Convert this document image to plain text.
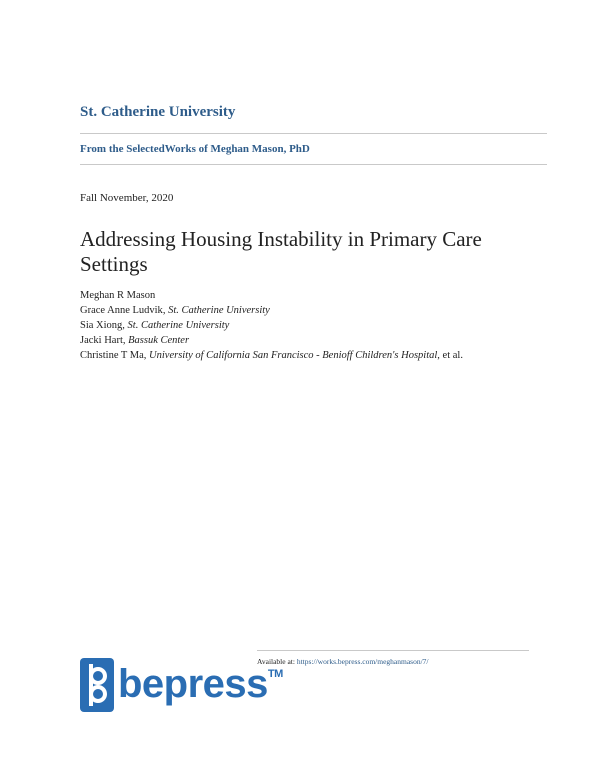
St. Catherine University
From the SelectedWorks of Meghan Mason, PhD
Fall November, 2020
Addressing Housing Instability in Primary Care Settings
Meghan R Mason
Grace Anne Ludvik, St. Catherine University
Sia Xiong, St. Catherine University
Jacki Hart, Bassuk Center
Christine T Ma, University of California San Francisco - Benioff Children's Hospital, et al.
Available at: https://works.bepress.com/meghanmason/7/
bepress™
